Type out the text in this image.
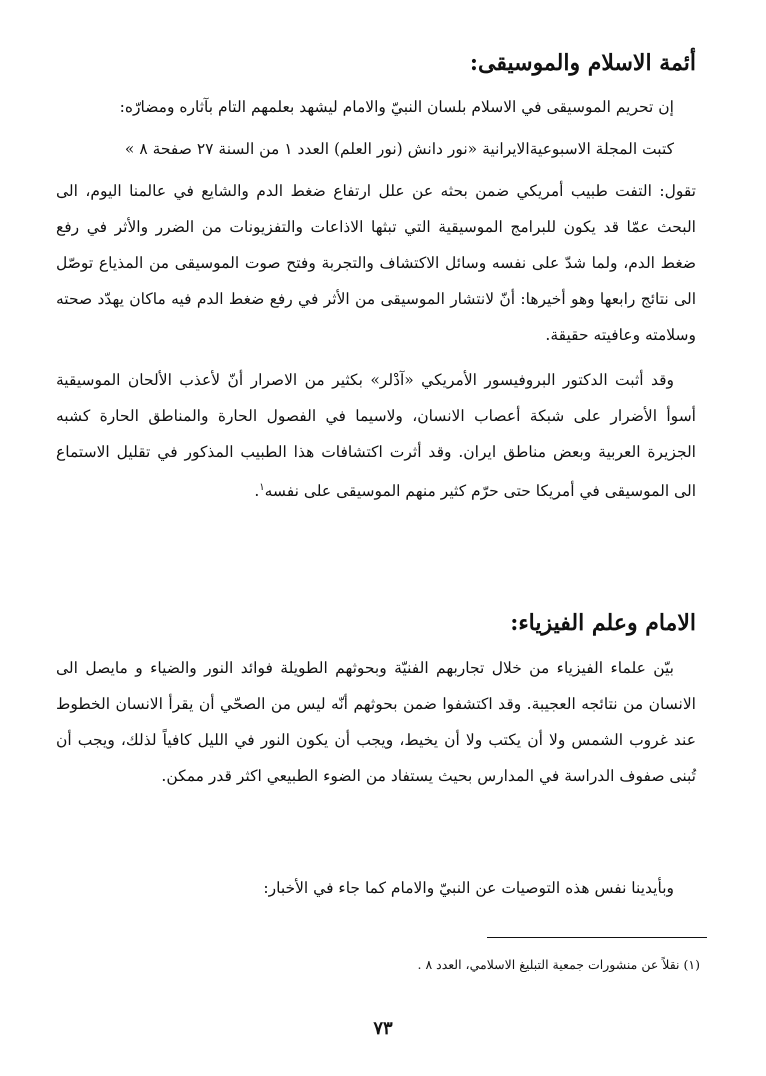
أئمة الاسلام والموسيقى:
إن تحريم الموسيقى في الاسلام بلسان النبيّ والامام ليشهد بعلمهم التام بآثاره ومضارّه:
كتبت المجلة الاسبوعيةالايرانية «نور دانش (نور العلم) العدد ١ من السنة ٢٧ صفحة ٨ »

تقول: التفت طبيب أمريكي ضمن بحثه عن علل ارتفاع ضغط الدم والشايع في عالمنا اليوم، الى البحث عمّا قد يكون للبرامج الموسيقية التي تبثها الاذاعات والتفزيونات من الضرر والأثر في رفع ضغط الدم، ولما شدّ على نفسه وسائل الاكتشاف والتجربة وفتح صوت الموسيقى من المذياع توصّل الى نتائج رابعها وهو أخيرها: أنّ لانتشار الموسيقى من الأثر في رفع ضغط الدم فيه ماكان يهدّد صحته وسلامته وعافيته حقيقة.

وقد أثبت الدكتور البروفيسور الأمريكي «آدْلر» بكثير من الاصرار أنّ لأعذب الألحان الموسيقية أسوأ الأضرار على شبكة أعصاب الانسان، ولاسيما في الفصول الحارة والمناطق الحارة كشبه الجزيرة العربية وبعض مناطق ايران. وقد أثرت اكتشافات هذا الطبيب المذكور في تقليل الاستماع الى الموسيقى في أمريكا حتى حرّم كثير منهم الموسيقى على نفسه$^١$.

الامام وعلم الفيزياء:

بيّن علماء الفيزياء من خلال تجاربهم الفنيّة وبحوثهم الطويلة فوائد النور والضياء و مايصل الى الانسان من نتائجه العجيبة. وقد اكتشفوا ضمن بحوثهم أنّه ليس من الصحّي أن يقرأ الانسان الخطوط عند غروب الشمس ولا أن يكتب ولا أن يخيط، ويجب أن يكون النور في الليل كافياً لذلك، ويجب أن تُبنى صفوف الدراسة في المدارس بحيث يستفاد من الضوء الطبيعي اكثر قدر ممكن.

وبأيدينا نفس هذه التوصيات عن النبيّ والامام كما جاء في الأخبار:
(١) نقلاً عن منشورات جمعية التبليغ الاسلامي، العدد ٨ .
٧٣
